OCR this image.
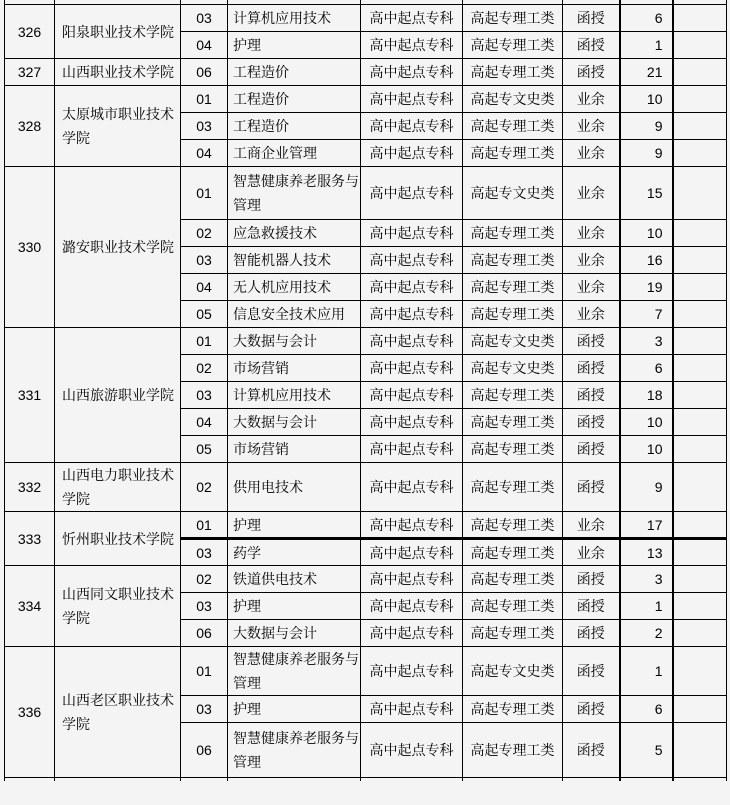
326	阳泉职业技术学院	03	计算机应用技术	高中起点专科	高起专理工类	函授	6	
		04	护理	高中起点专科	高起专理工类	函授	1	
327	山西职业技术学院	06	工程造价	高中起点专科	高起专理工类	函授	21	
328	太原城市职业技术学院	01	工程造价	高中起点专科	高起专文史类	业余	10	
		03	工程造价	高中起点专科	高起专理工类	业余	9	
		04	工商企业管理	高中起点专科	高起专理工类	业余	9	
330	潞安职业技术学院	01	智慧健康养老服务与管理	高中起点专科	高起专文史类	业余	15	
		02	应急救援技术	高中起点专科	高起专理工类	业余	10	
		03	智能机器人技术	高中起点专科	高起专理工类	业余	16	
		04	无人机应用技术	高中起点专科	高起专理工类	业余	19	
		05	信息安全技术应用	高中起点专科	高起专理工类	业余	7	
331	山西旅游职业学院	01	大数据与会计	高中起点专科	高起专文史类	函授	3	
		02	市场营销	高中起点专科	高起专文史类	函授	6	
		03	计算机应用技术	高中起点专科	高起专理工类	函授	18	
		04	大数据与会计	高中起点专科	高起专理工类	函授	10	
		05	市场营销	高中起点专科	高起专理工类	函授	10	
332	山西电力职业技术学院	02	供用电技术	高中起点专科	高起专理工类	函授	9	
333	忻州职业技术学院	01	护理	高中起点专科	高起专理工类	业余	17	
		03	药学	高中起点专科	高起专理工类	业余	13	
334	山西同文职业技术学院	02	铁道供电技术	高中起点专科	高起专理工类	函授	3	
		03	护理	高中起点专科	高起专理工类	函授	1	
		06	大数据与会计	高中起点专科	高起专理工类	函授	2	
336	山西老区职业技术学院	01	智慧健康养老服务与管理	高中起点专科	高起专文史类	函授	1	
		03	护理	高中起点专科	高起专理工类	函授	6	
		06	智慧健康养老服务与管理	高中起点专科	高起专理工类	函授	5	
